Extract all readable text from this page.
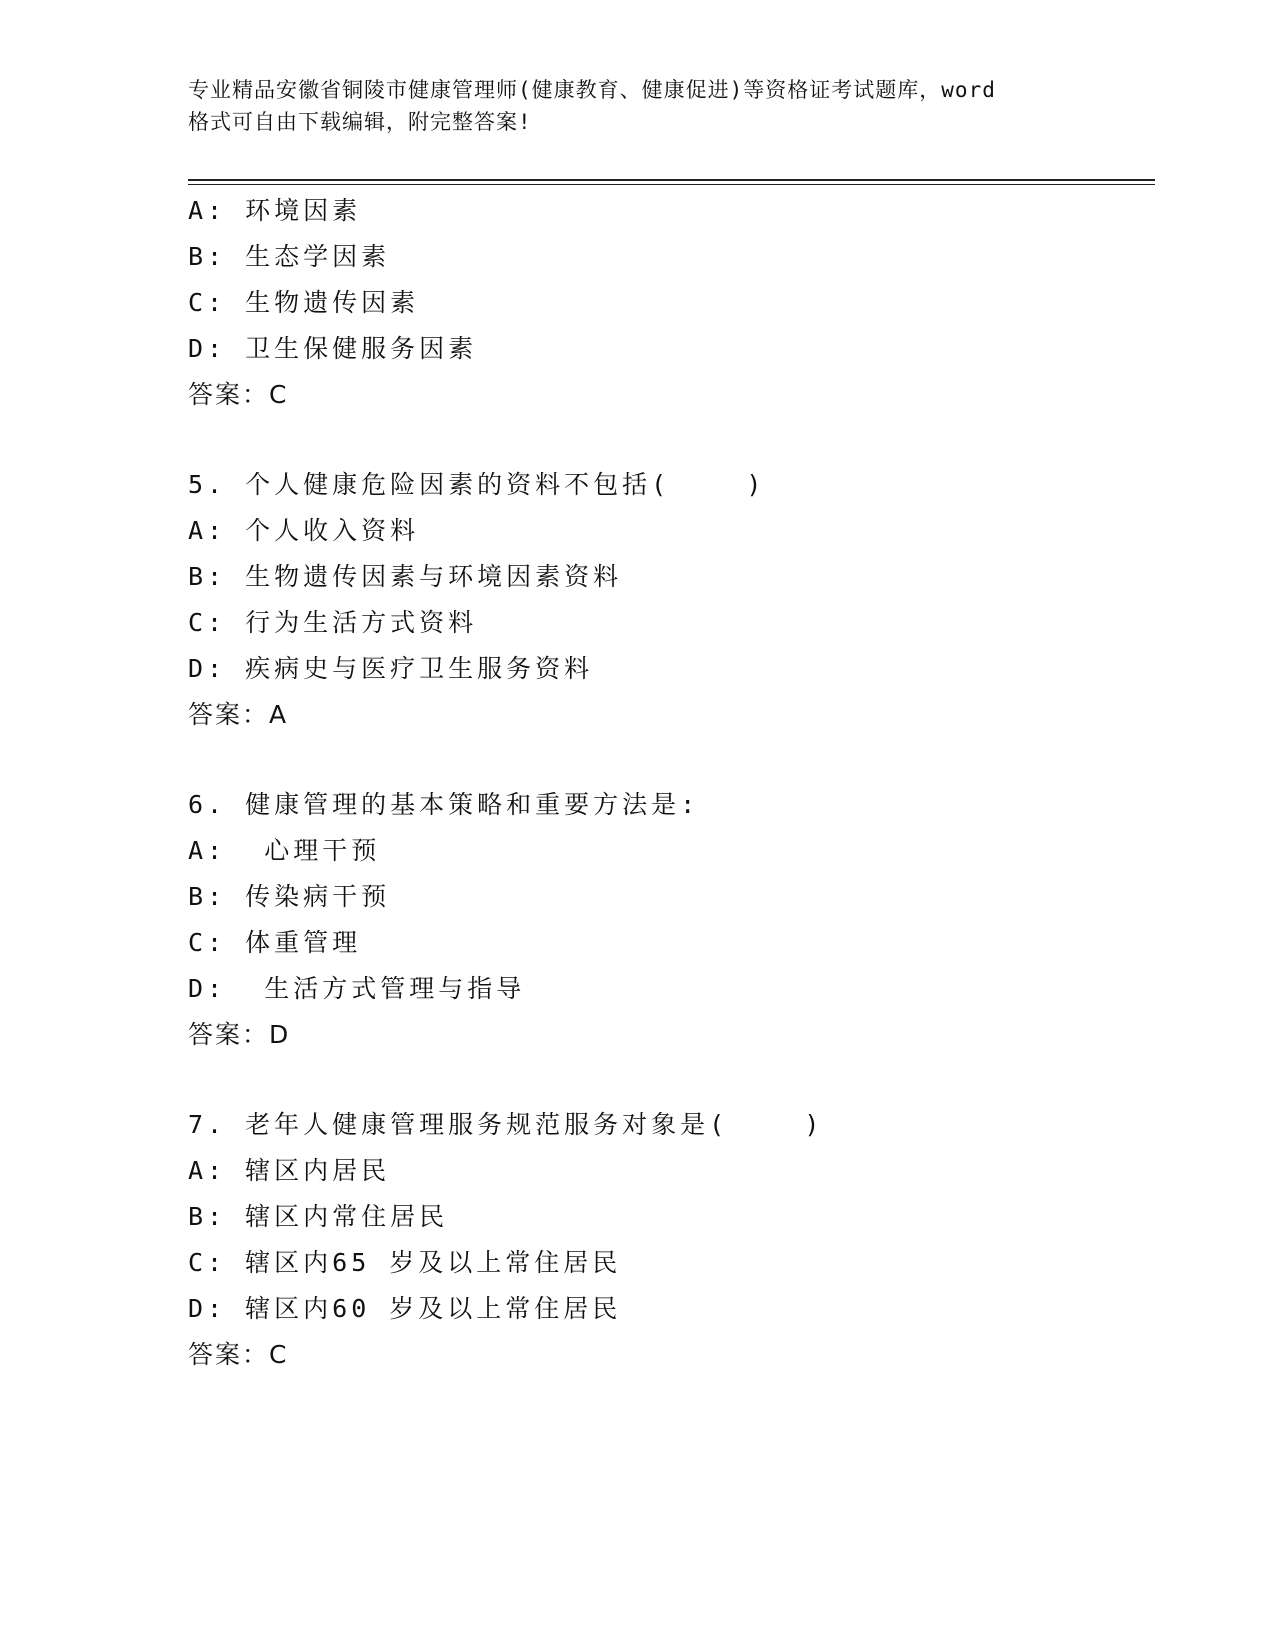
专业精品安徽省铜陵市健康管理师(健康教育、健康促进)等资格证考试题库，word
格式可自由下载编辑，附完整答案!
A: 环境因素
B: 生态学因素
C: 生物遗传因素
D: 卫生保健服务因素
答案：C
5. 个人健康危险因素的资料不包括(    )
A: 个人收入资料
B: 生物遗传因素与环境因素资料
C: 行为生活方式资料
D: 疾病史与医疗卫生服务资料
答案：A
6. 健康管理的基本策略和重要方法是:
A:  心理干预
B: 传染病干预
C: 体重管理
D:  生活方式管理与指导
答案：D
7. 老年人健康管理服务规范服务对象是(    )
A: 辖区内居民
B: 辖区内常住居民
C: 辖区内65 岁及以上常住居民
D: 辖区内60 岁及以上常住居民
答案：C
